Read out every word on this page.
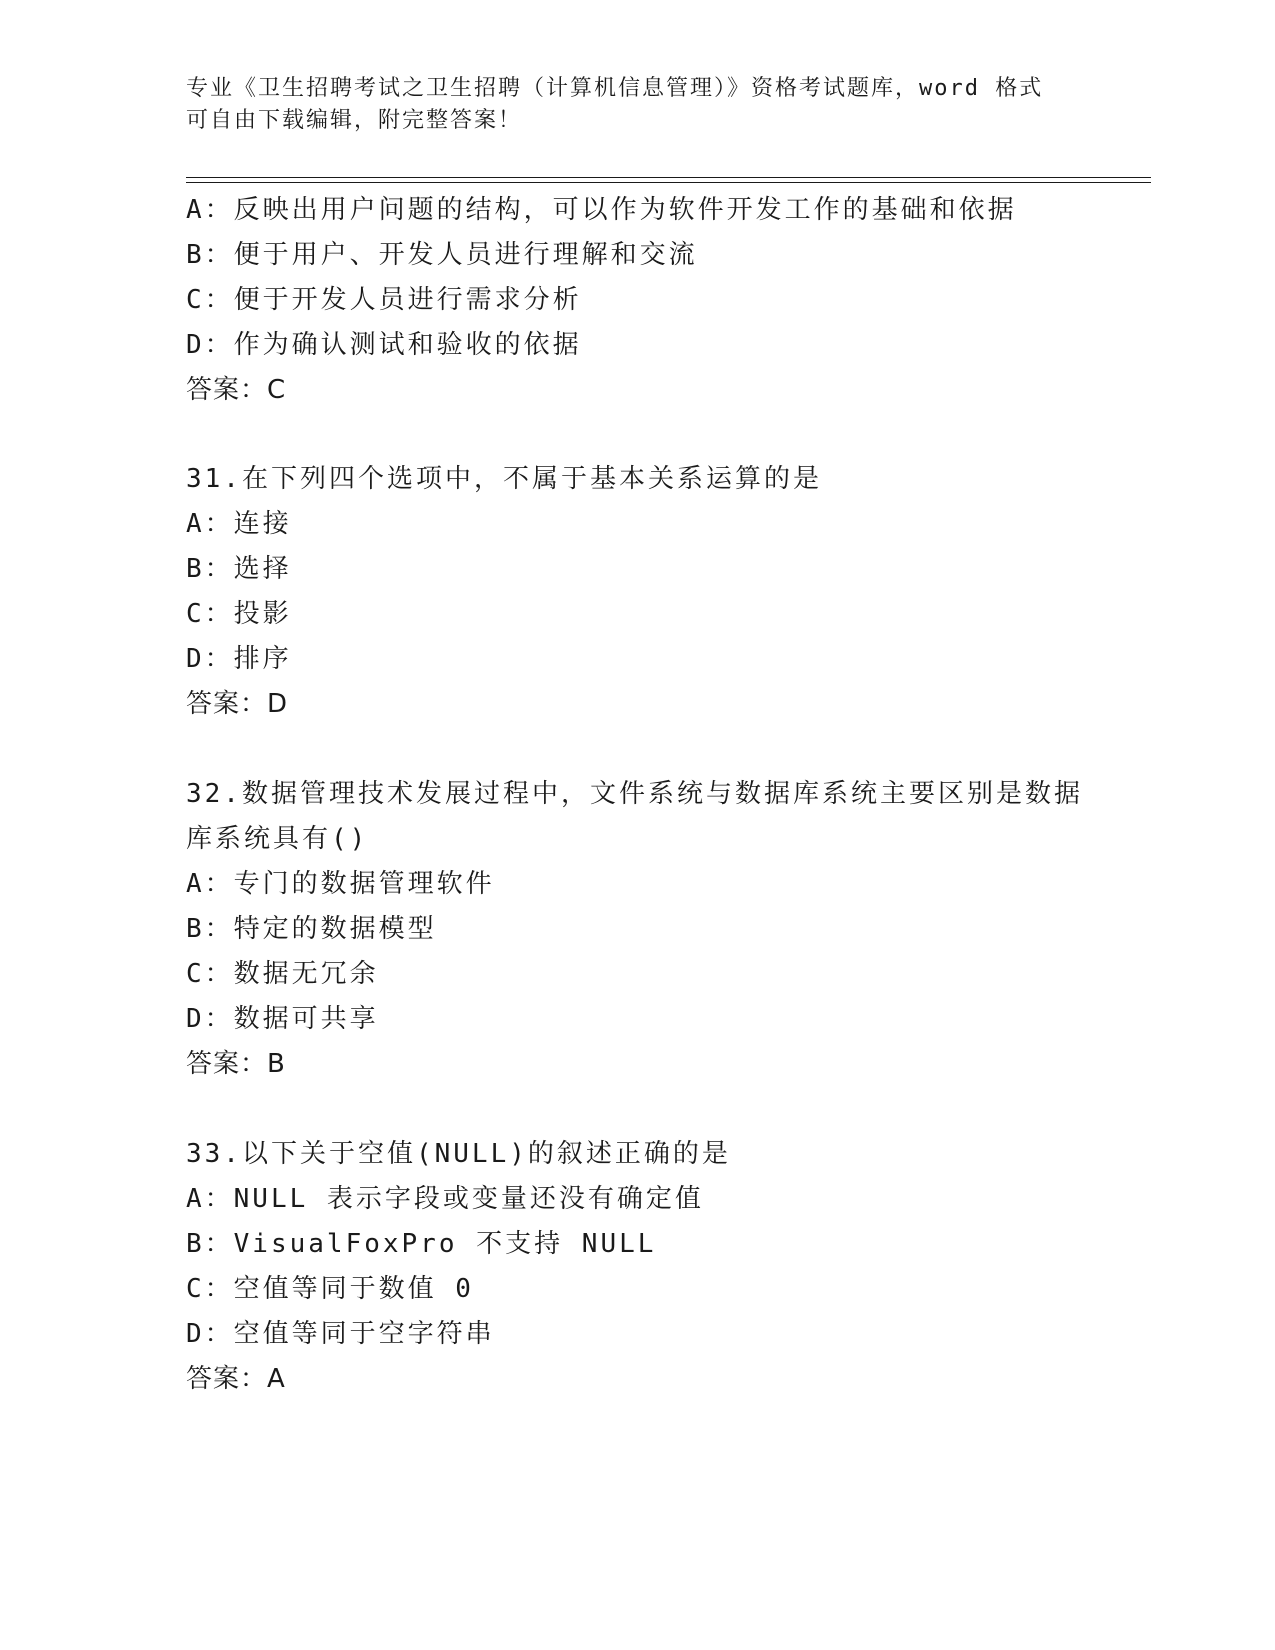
专业《卫生招聘考试之卫生招聘（计算机信息管理）》资格考试题库，word 格式
可自由下载编辑，附完整答案！
A：反映出用户问题的结构，可以作为软件开发工作的基础和依据
B：便于用户、开发人员进行理解和交流
C：便于开发人员进行需求分析
D：作为确认测试和验收的依据
答案：C
31.在下列四个选项中，不属于基本关系运算的是
A：连接
B：选择
C：投影
D：排序
答案：D
32.数据管理技术发展过程中，文件系统与数据库系统主要区别是数据
库系统具有()
A：专门的数据管理软件
B：特定的数据模型
C：数据无冗余
D：数据可共享
答案：B
33.以下关于空值(NULL)的叙述正确的是
A：NULL 表示字段或变量还没有确定值
B：VisualFoxPro 不支持 NULL
C：空值等同于数值 0
D：空值等同于空字符串
答案：A
